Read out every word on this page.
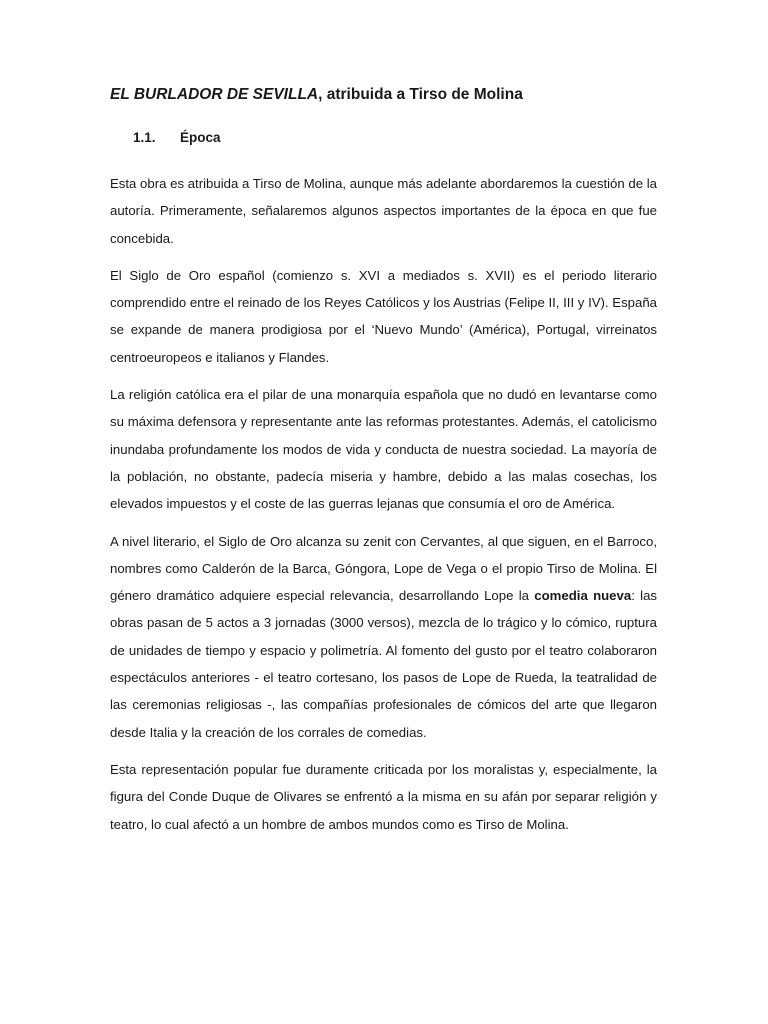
EL BURLADOR DE SEVILLA, atribuida a Tirso de Molina
1.1. Época

Esta obra es atribuida a Tirso de Molina, aunque más adelante abordaremos la cuestión de la autoría. Primeramente, señalaremos algunos aspectos importantes de la época en que fue concebida.

El Siglo de Oro español (comienzo s. XVI a mediados s. XVII) es el periodo literario comprendido entre el reinado de los Reyes Católicos y los Austrias (Felipe II, III y IV). España se expande de manera prodigiosa por el ‘Nuevo Mundo’ (América), Portugal, virreinatos centroeuropeos e italianos y Flandes.

La religión católica era el pilar de una monarquía española que no dudó en levantarse como su máxima defensora y representante ante las reformas protestantes. Además, el catolicismo inundaba profundamente los modos de vida y conducta de nuestra sociedad. La mayoría de la población, no obstante, padecía miseria y hambre, debido a las malas cosechas, los elevados impuestos y el coste de las guerras lejanas que consumía el oro de América.

A nivel literario, el Siglo de Oro alcanza su zenit con Cervantes, al que siguen, en el Barroco, nombres como Calderón de la Barca, Góngora, Lope de Vega o el propio Tirso de Molina. El género dramático adquiere especial relevancia, desarrollando Lope la comedia nueva: las obras pasan de 5 actos a 3 jornadas (3000 versos), mezcla de lo trágico y lo cómico, ruptura de unidades de tiempo y espacio y polimetría. Al fomento del gusto por el teatro colaboraron espectáculos anteriores - el teatro cortesano, los pasos de Lope de Rueda, la teatralidad de las ceremonias religiosas -, las compañías profesionales de cómicos del arte que llegaron desde Italia y la creación de los corrales de comedias.

Esta representación popular fue duramente criticada por los moralistas y, especialmente, la figura del Conde Duque de Olivares se enfrentó a la misma en su afán por separar religión y teatro, lo cual afectó a un hombre de ambos mundos como es Tirso de Molina.
